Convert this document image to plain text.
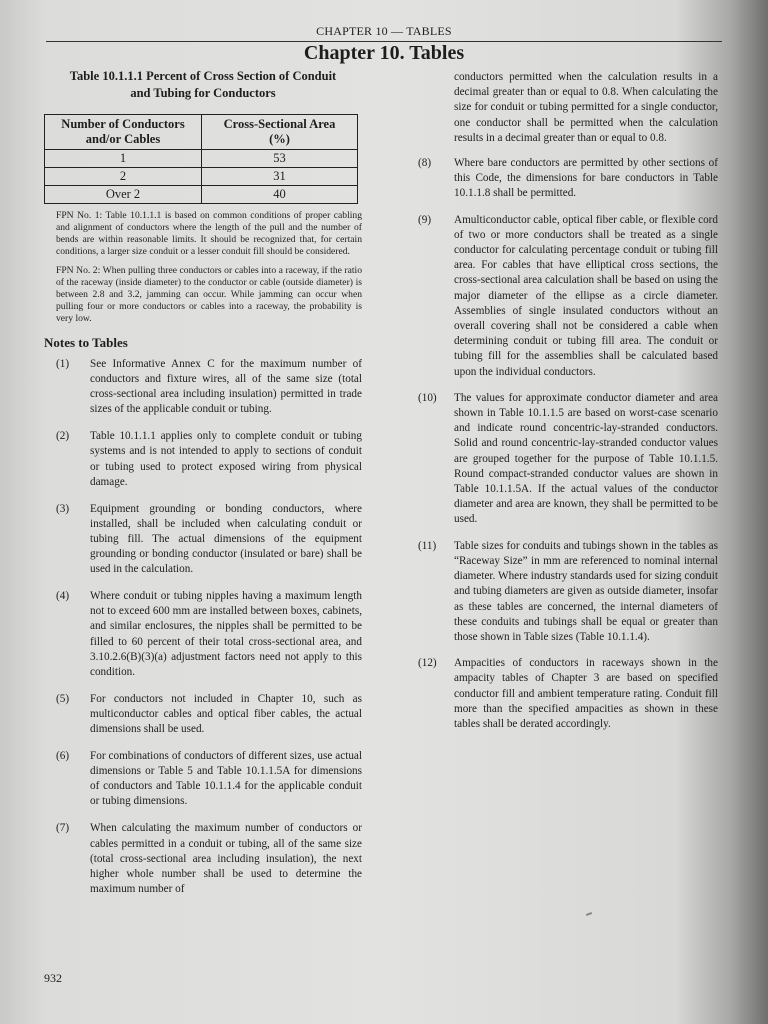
CHAPTER 10 — TABLES
Chapter 10. Tables
Table 10.1.1.1 Percent of Cross Section of Conduit
and Tubing for Conductors
Number of Conductors
and/or Cables	Cross-Sectional Area
(%)
1	53
2	31
Over 2	40

FPN No. 1: Table 10.1.1.1 is based on common conditions of proper cabling and alignment of conductors where the length of the pull and the number of bends are within reasonable limits. It should be recognized that, for certain conditions, a larger size conduit or a lesser conduit fill should be considered.

FPN No. 2: When pulling three conductors or cables into a raceway, if the ratio of the raceway (inside diameter) to the conductor or cable (outside diameter) is between 2.8 and 3.2, jamming can occur. While jamming can occur when pulling four or more conductors or cables into a raceway, the probability is very low.

Notes to Tables
(1) See Informative Annex C for the maximum number of conductors and fixture wires, all of the same size (total cross-sectional area including insulation) permitted in trade sizes of the applicable conduit or tubing.
(2) Table 10.1.1.1 applies only to complete conduit or tubing systems and is not intended to apply to sections of conduit or tubing used to protect exposed wiring from physical damage.
(3) Equipment grounding or bonding conductors, where installed, shall be included when calculating conduit or tubing fill. The actual dimensions of the equipment grounding or bonding conductor (insulated or bare) shall be used in the calculation.
(4) Where conduit or tubing nipples having a maximum length not to exceed 600 mm are installed between boxes, cabinets, and similar enclosures, the nipples shall be permitted to be filled to 60 percent of their total cross-sectional area, and 3.10.2.6(B)(3)(a) adjustment factors need not apply to this condition.
(5) For conductors not included in Chapter 10, such as multiconductor cables and optical fiber cables, the actual dimensions shall be used.
(6) For combinations of conductors of different sizes, use actual dimensions or Table 5 and Table 10.1.1.5A for dimensions of conductors and Table 10.1.1.4 for the applicable conduit or tubing dimensions.
(7) When calculating the maximum number of conductors or cables permitted in a conduit or tubing, all of the same size (total cross-sectional area including insulation), the next higher whole number shall be used to determine the maximum number of

conductors permitted when the calculation results in a decimal greater than or equal to 0.8. When calculating the size for conduit or tubing permitted for a single conductor, one conductor shall be permitted when the calculation results in a decimal greater than or equal to 0.8.

(8) Where bare conductors are permitted by other sections of this Code, the dimensions for bare conductors in Table 10.1.1.8 shall be permitted.
(9) Amulticonductor cable, optical fiber cable, or flexible cord of two or more conductors shall be treated as a single conductor for calculating percentage conduit or tubing fill area. For cables that have elliptical cross sections, the cross-sectional area calculation shall be based on using the major diameter of the ellipse as a circle diameter. Assemblies of single insulated conductors without an overall covering shall not be considered a cable when determining conduit or tubing fill area. The conduit or tubing fill for the assemblies shall be calculated based upon the individual conductors.
(10) The values for approximate conductor diameter and area shown in Table 10.1.1.5 are based on worst-case scenario and indicate round concentric-lay-stranded conductors. Solid and round concentric-lay-stranded conductor values are grouped together for the purpose of Table 10.1.1.5. Round compact-stranded conductor values are shown in Table 10.1.1.5A. If the actual values of the conductor diameter and area are known, they shall be permitted to be used.
(11) Table sizes for conduits and tubings shown in the tables as “Raceway Size” in mm are referenced to nominal internal diameter. Where industry standards used for sizing conduit and tubing diameters are given as outside diameter, insofar as these tables are concerned, the internal diameters of these conduits and tubings shall be equal or greater than those shown in Table sizes (Table 10.1.1.4).
(12) Ampacities of conductors in raceways shown in the ampacity tables of Chapter 3 are based on specified conductor fill and ambient temperature rating. Conduit fill more than the specified ampacities as shown in these tables shall be derated accordingly.
932
